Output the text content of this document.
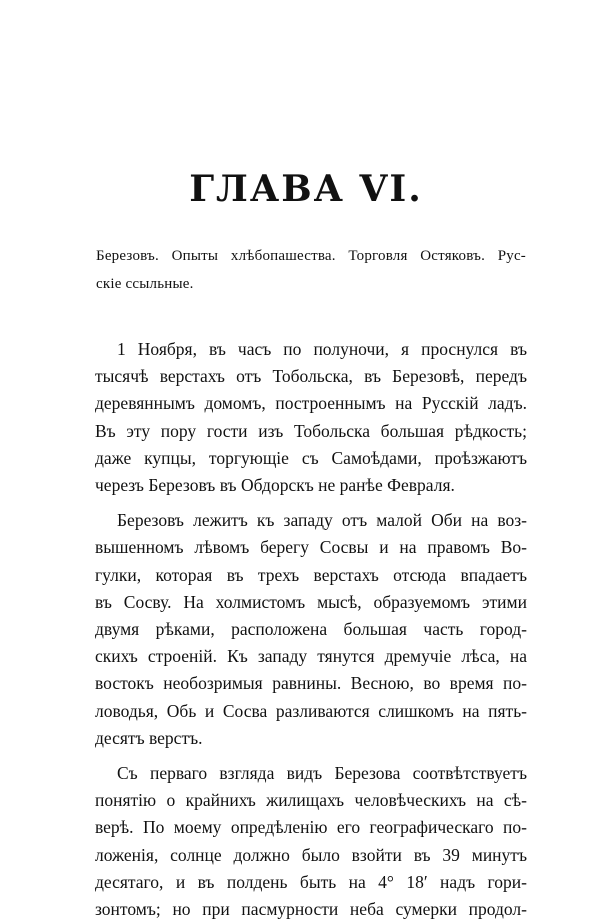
ГЛАВА VI.
Березовъ. Опыты хлѣбопашества. Торговля Остяковъ. Рус-
скіе ссыльные.
1 Ноября, въ часъ по полуночи, я проснулся въ
тысячѣ верстахъ отъ Тобольска, въ Березовѣ, передъ
деревяннымъ домомъ, построеннымъ на Русскій ладъ.
Въ эту пору гости изъ Тобольска большая рѣдкость;
даже купцы, торгующіе съ Самоѣдами, проѣзжаютъ
черезъ Березовъ въ Обдорскъ не ранѣе Февраля.
Березовъ лежитъ къ западу отъ малой Оби на воз-
вышенномъ лѣвомъ берегу Сосвы и на правомъ Во-
гулки, которая въ трехъ верстахъ отсюда впадаетъ
въ Сосву. На холмистомъ мысѣ, образуемомъ этими
двумя рѣками, расположена большая часть город-
скихъ строеній. Къ западу тянутся дремучіе лѣса, на
востокъ необозримыя равнины. Весною, во время по-
ловодья, Обь и Сосва разливаются слишкомъ на пять-
десятъ верстъ.
Съ перваго взгляда видъ Березова соотвѣтствуетъ
понятію о крайнихъ жилищахъ человѣческихъ на сѣ-
верѣ. По моему опредѣленію его географическаго по-
ложенія, солнце должно было взойти въ 39 минутъ
десятаго, и въ полдень быть на 4° 18′ надъ гори-
зонтомъ; но при пасмурности неба сумерки продол-
